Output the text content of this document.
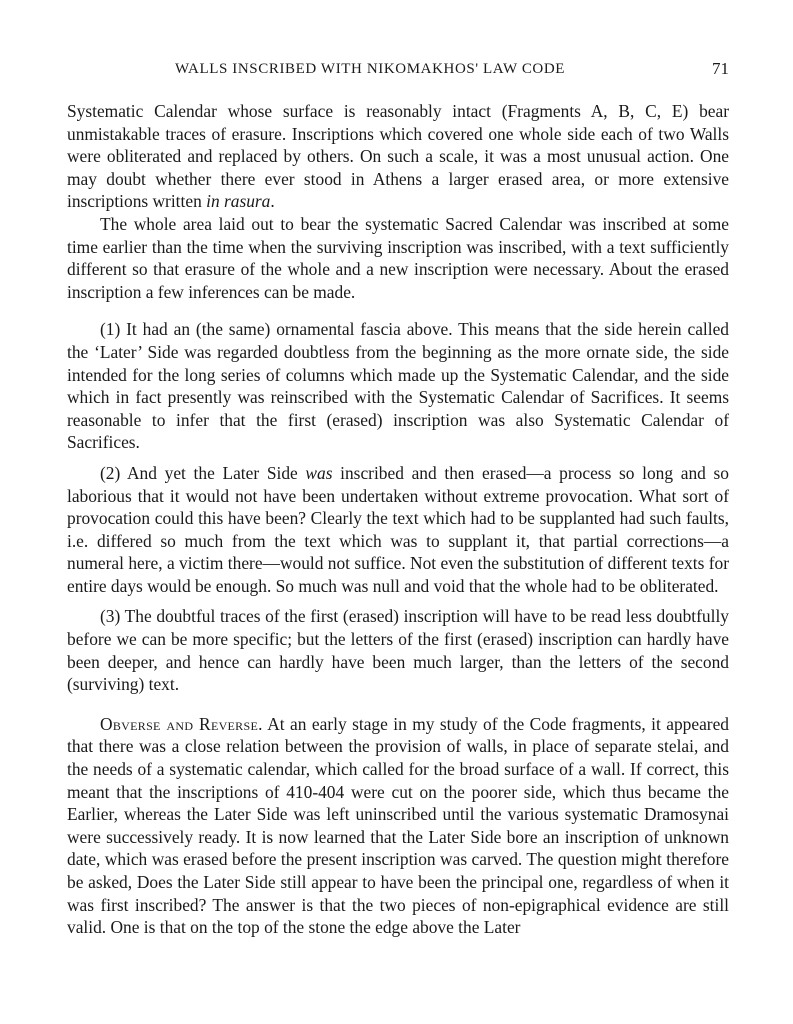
WALLS INSCRIBED WITH NIKOMAKHOS' LAW CODE	71

Systematic Calendar whose surface is reasonably intact (Fragments A, B, C, E) bear unmistakable traces of erasure. Inscriptions which covered one whole side each of two Walls were obliterated and replaced by others. On such a scale, it was a most unusual action. One may doubt whether there ever stood in Athens a larger erased area, or more extensive inscriptions written in rasura.

The whole area laid out to bear the systematic Sacred Calendar was inscribed at some time earlier than the time when the surviving inscription was inscribed, with a text sufficiently different so that erasure of the whole and a new inscription were necessary. About the erased inscription a few inferences can be made.

(1) It had an (the same) ornamental fascia above. This means that the side herein called the ‘Later’ Side was regarded doubtless from the beginning as the more ornate side, the side intended for the long series of columns which made up the Systematic Calendar, and the side which in fact presently was reinscribed with the Systematic Calendar of Sacrifices. It seems reasonable to infer that the first (erased) inscription was also Systematic Calendar of Sacrifices.

(2) And yet the Later Side was inscribed and then erased—a process so long and so laborious that it would not have been undertaken without extreme provocation. What sort of provocation could this have been? Clearly the text which had to be supplanted had such faults, i.e. differed so much from the text which was to supplant it, that partial corrections—a numeral here, a victim there—would not suffice. Not even the substitution of different texts for entire days would be enough. So much was null and void that the whole had to be obliterated.

(3) The doubtful traces of the first (erased) inscription will have to be read less doubtfully before we can be more specific; but the letters of the first (erased) inscription can hardly have been deeper, and hence can hardly have been much larger, than the letters of the second (surviving) text.

Obverse and Reverse. At an early stage in my study of the Code fragments, it appeared that there was a close relation between the provision of walls, in place of separate stelai, and the needs of a systematic calendar, which called for the broad surface of a wall. If correct, this meant that the inscriptions of 410-404 were cut on the poorer side, which thus became the Earlier, whereas the Later Side was left uninscribed until the various systematic Dramosynai were successively ready. It is now learned that the Later Side bore an inscription of unknown date, which was erased before the present inscription was carved. The question might therefore be asked, Does the Later Side still appear to have been the principal one, regardless of when it was first inscribed? The answer is that the two pieces of non-epigraphical evidence are still valid. One is that on the top of the stone the edge above the Later
